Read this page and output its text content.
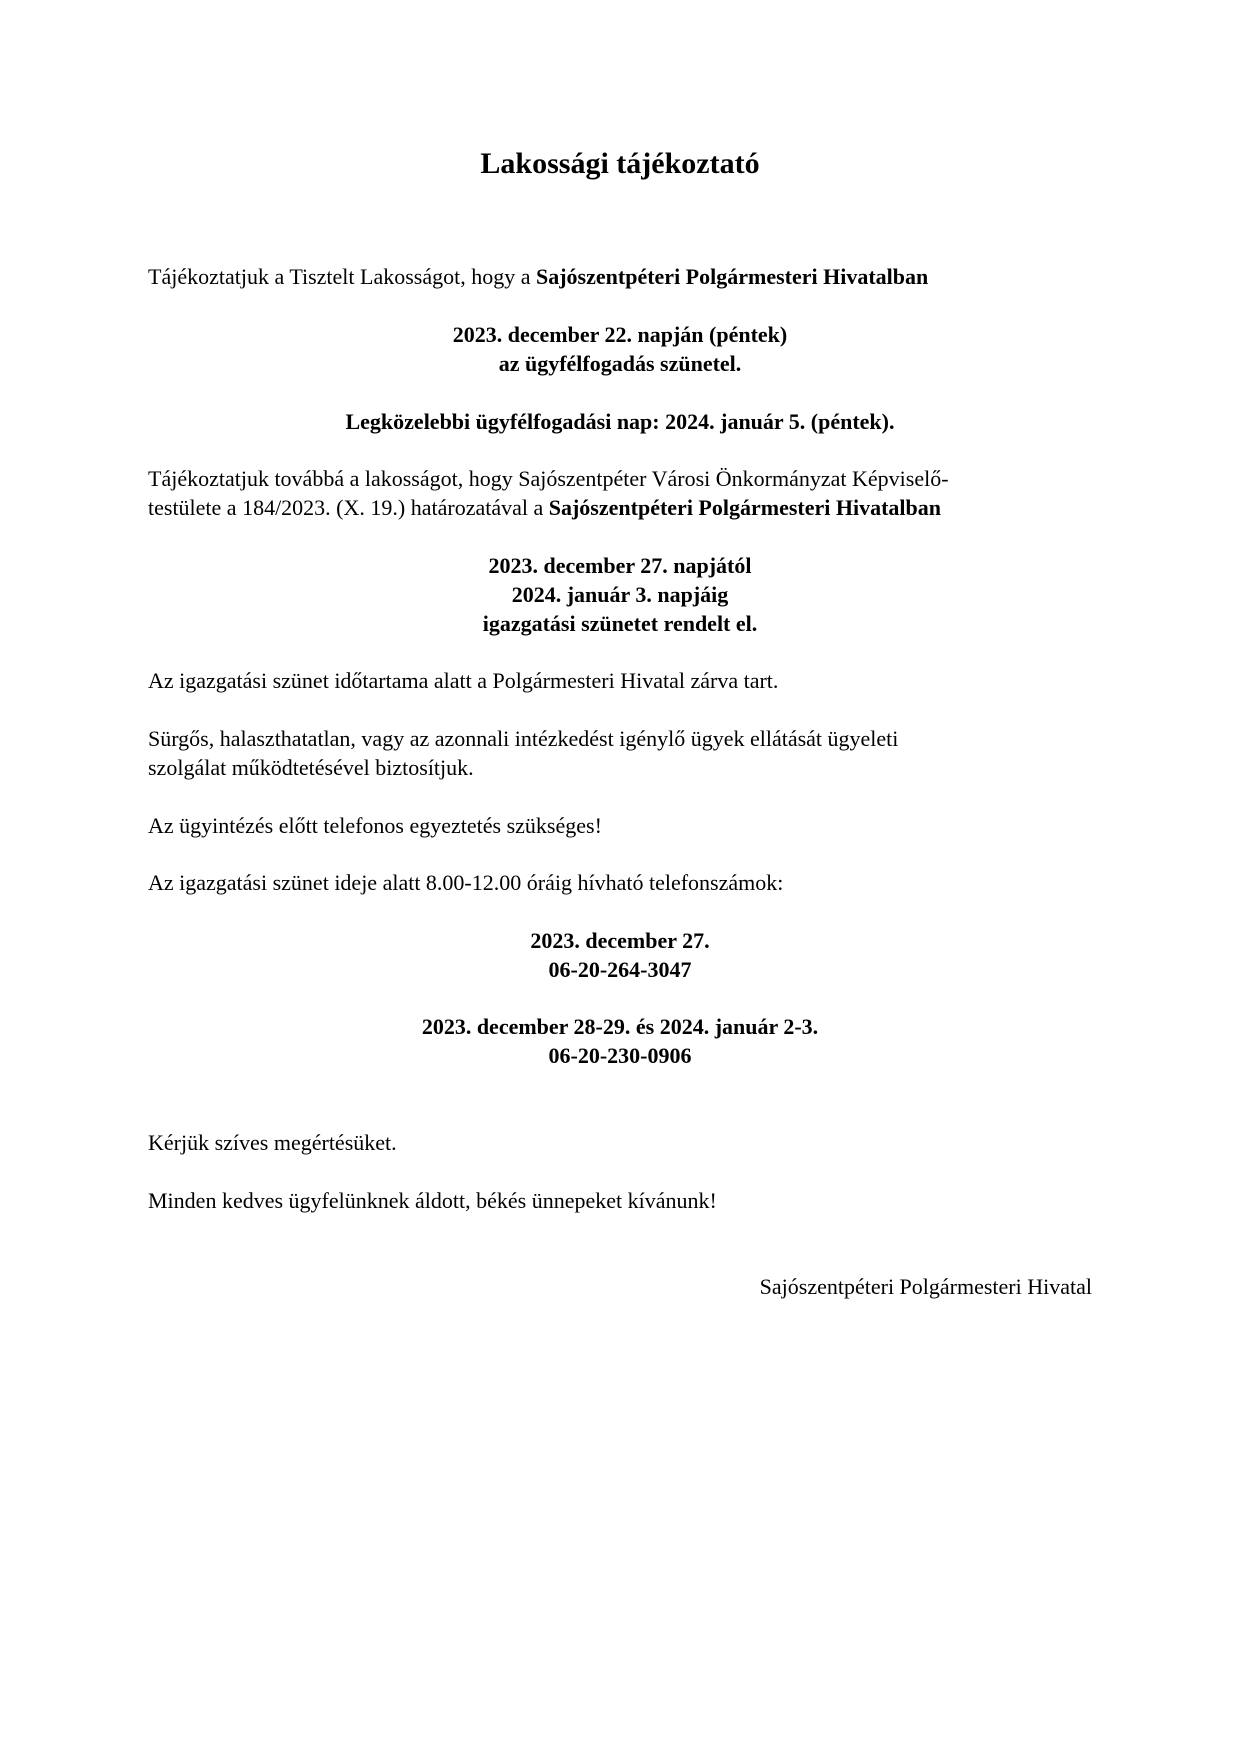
Lakossági tájékoztató

Tájékoztatjuk a Tisztelt Lakosságot, hogy a Sajószentpéteri Polgármesteri Hivatalban

2023. december 22. napján (péntek)
az ügyfélfogadás szünetel.

Legközelebbi ügyfélfogadási nap: 2024. január 5. (péntek).

Tájékoztatjuk továbbá a lakosságot, hogy Sajószentpéter Városi Önkormányzat Képviselő-
testülete a 184/2023. (X. 19.) határozatával a Sajószentpéteri Polgármesteri Hivatalban

2023. december 27. napjától
2024. január 3. napjáig
igazgatási szünetet rendelt el.

Az igazgatási szünet időtartama alatt a Polgármesteri Hivatal zárva tart.

Sürgős, halaszthatatlan, vagy az azonnali intézkedést igénylő ügyek ellátását ügyeleti
szolgálat működtetésével biztosítjuk.

Az ügyintézés előtt telefonos egyeztetés szükséges!

Az igazgatási szünet ideje alatt 8.00-12.00 óráig hívható telefonszámok:

2023. december 27.
06-20-264-3047

2023. december 28-29. és 2024. január 2-3.
06-20-230-0906

Kérjük szíves megértésüket.

Minden kedves ügyfelünknek áldott, békés ünnepeket kívánunk!

Sajószentpéteri Polgármesteri Hivatal
